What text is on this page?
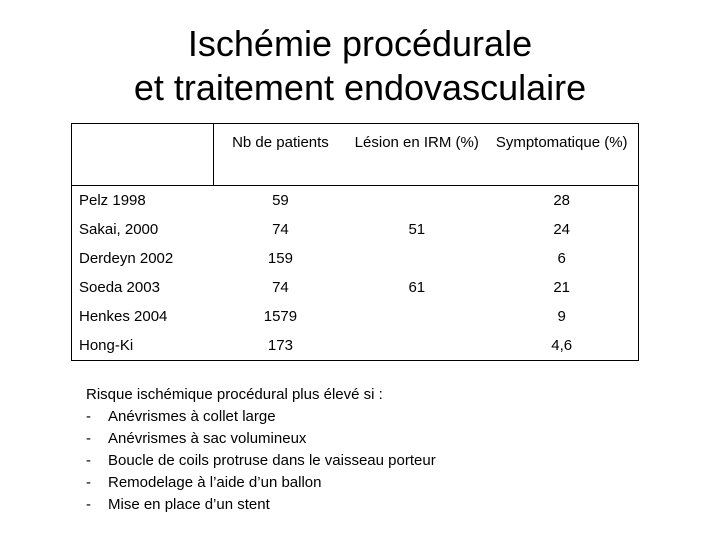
Ischémie procédurale
et traitement endovasculaire
	Nb de patients	Lésion en IRM (%)	Symptomatique (%)
Pelz 1998	59		28
Sakai, 2000	74	51	24
Derdeyn 2002	159		6
Soeda 2003	74	61	21
Henkes 2004	1579		9
Hong-Ki	173		4,6
Risque ischémique procédural plus élevé si :
- Anévrismes à collet large
- Anévrismes à sac volumineux
- Boucle de coils protruse dans le vaisseau porteur
- Remodelage à l’aide d’un ballon
- Mise en place d’un stent
